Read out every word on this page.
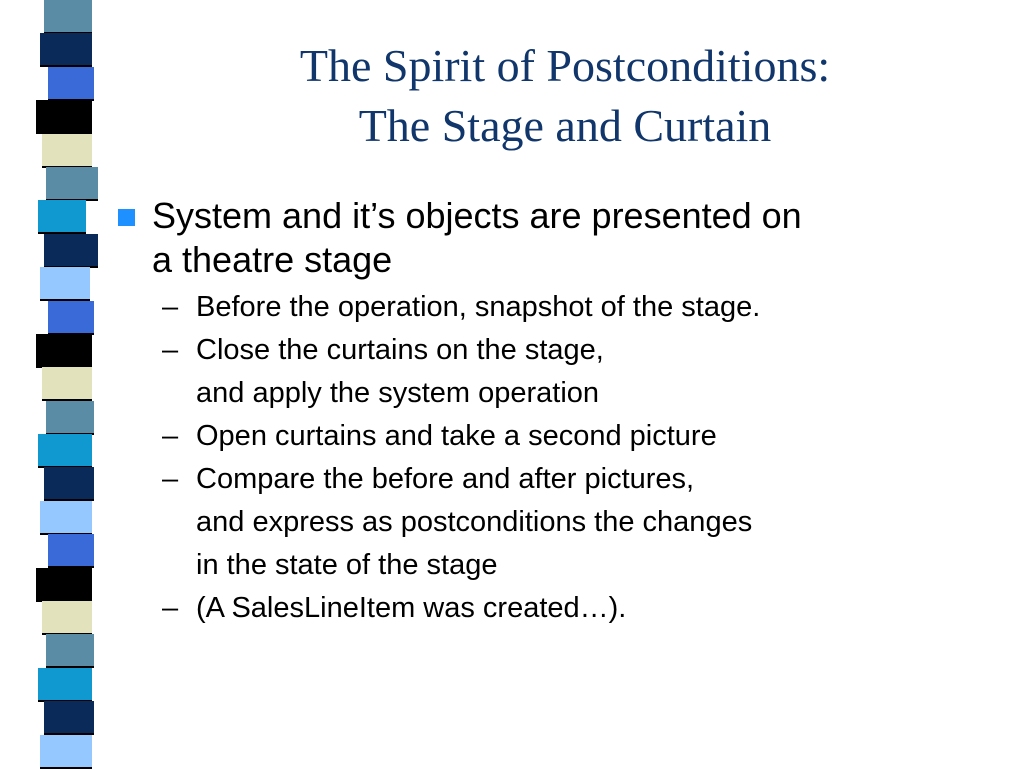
The Spirit of Postconditions:
The Stage and Curtain
System and it’s objects are presented on
a theatre stage
– Before the operation, snapshot of the stage.
– Close the curtains on the stage,
and apply the system operation
– Open curtains and take a second picture
– Compare the before and after pictures,
and express as postconditions the changes
in the state of the stage
– (A SalesLineItem was created…).
